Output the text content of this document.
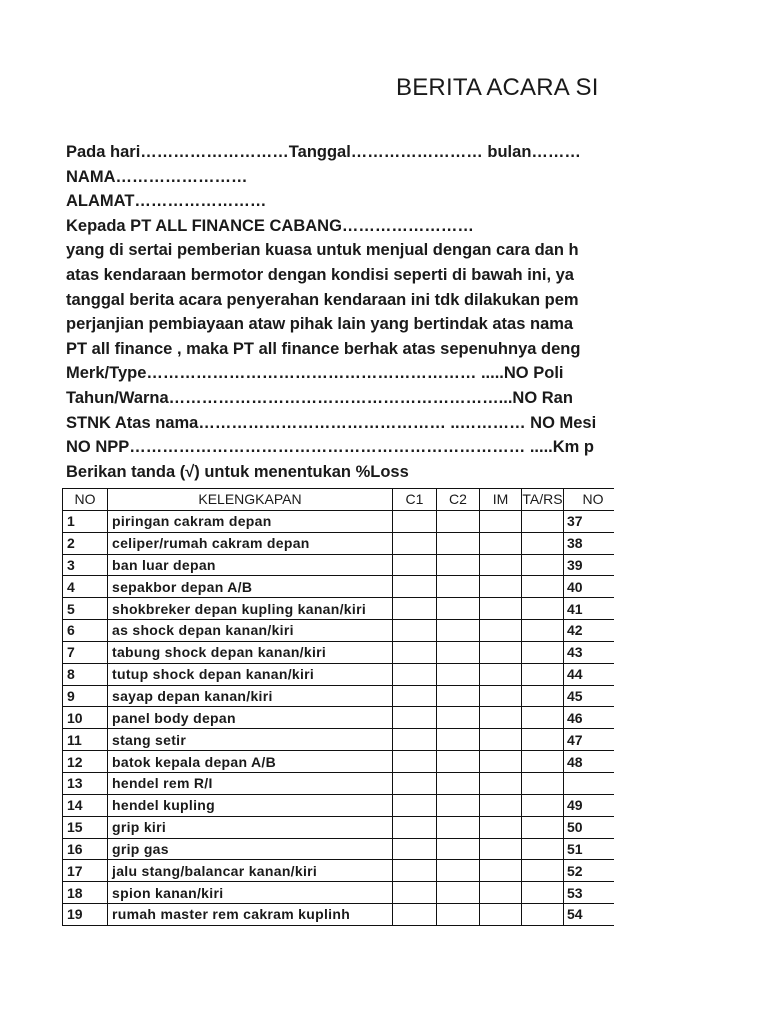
BERITA ACARA SI
Pada hari………………………Tanggal…………………… bulan………
NAMA……………………
ALAMAT……………………
Kepada PT ALL FINANCE CABANG……………………
yang di sertai pemberian kuasa untuk menjual dengan cara dan h
atas kendaraan bermotor dengan kondisi seperti di bawah ini, ya
tanggal berita acara penyerahan kendaraan ini tdk dilakukan pem
perjanjian pembiayaan ataw pihak lain yang bertindak atas nama
PT all finance , maka PT all finance berhak atas sepenuhnya deng
Merk/Type…………………………………………………… .....NO Poli
Tahun/Warna……………………………………………………...NO Ran
STNK Atas nama……………………………………… ..………… NO Mesi
NO NPP……………………………………………………………… .....Km p
Berikan tanda (√) untuk menentukan %Loss
NO	KELENGKAPAN	C1	C2	IM	TA/RS	NO
1	piringan cakram depan					37
2	celiper/rumah cakram depan					38
3	ban luar depan					39
4	sepakbor depan A/B					40
5	shokbreker depan kupling kanan/kiri					41
6	as shock depan kanan/kiri					42
7	tabung shock depan kanan/kiri					43
8	tutup shock depan kanan/kiri					44
9	sayap depan kanan/kiri					45
10	panel body depan					46
11	stang setir					47
12	batok kepala depan A/B					48
13	hendel rem R/I					
14	hendel kupling					49
15	grip kiri					50
16	grip gas					51
17	jalu stang/balancar kanan/kiri					52
18	spion kanan/kiri					53
19	rumah master rem cakram kuplinh					54
